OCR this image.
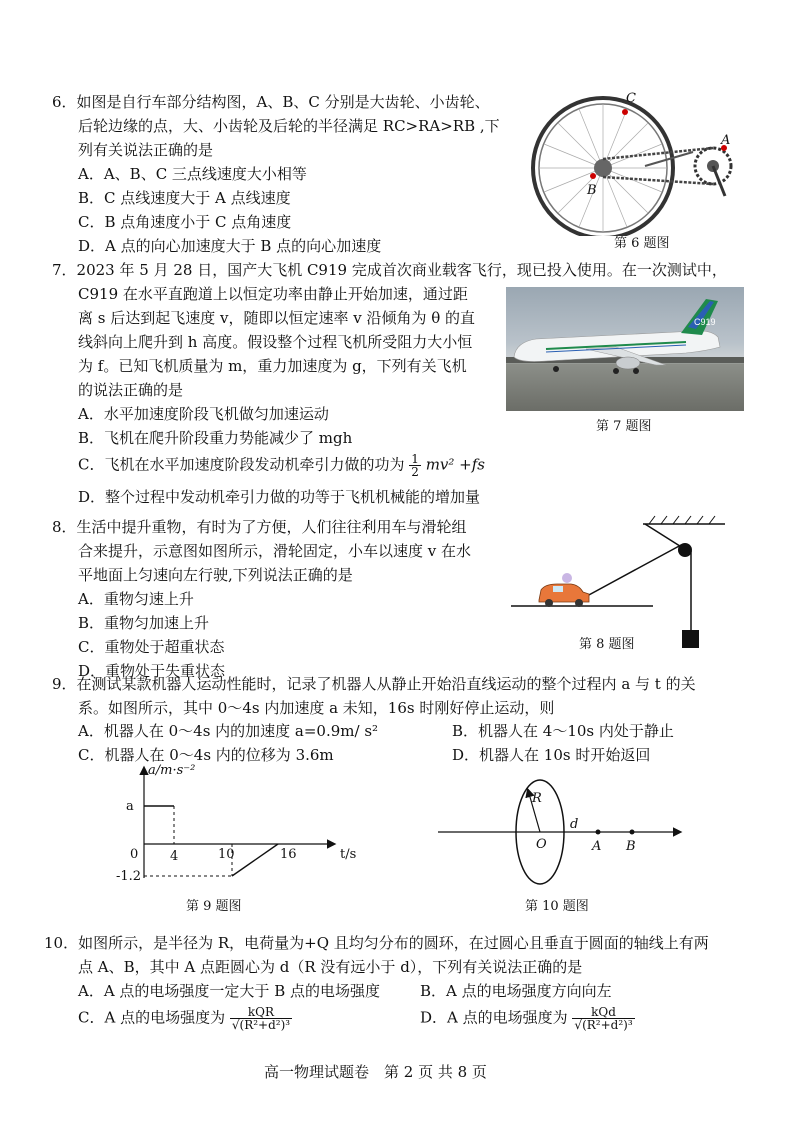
6．如图是自行车部分结构图，A、B、C 分别是大齿轮、小齿轮、
后轮边缘的点，大、小齿轮及后轮的半径满足 RC>RA>RB ,下
列有关说法正确的是
A．A、B、C 三点线速度大小相等
B．C 点线速度大于 A 点线速度
C．B 点角速度小于 C 点角速度
D．A 点的向心加速度大于 B 点的向心加速度
C
A
B
第 6 题图
7．2023 年 5 月 28 日，国产大飞机 C919 完成首次商业载客飞行，现已投入使用。在一次测试中，
C919 在水平直跑道上以恒定功率由静止开始加速，通过距
离 s 后达到起飞速度 v，随即以恒定速率 v 沿倾角为 θ 的直
线斜向上爬升到 h 高度。假设整个过程飞机所受阻力大小恒
为 f。已知飞机质量为 m，重力加速度为 g，下列有关飞机
的说法正确的是
A．水平加速度阶段飞机做匀加速运动
B．飞机在爬升阶段重力势能减少了 mgh
C．飞机在水平加速度阶段发动机牵引力做的功为 $\frac{1}{2} mv^2 +fs$
D．整个过程中发动机牵引力做的功等于飞机机械能的增加量
C919
第 7 题图
8．生活中提升重物，有时为了方便，人们往往利用车与滑轮组
合来提升，示意图如图所示，滑轮固定，小车以速度 v 在水
平地面上匀速向左行驶,下列说法正确的是
A．重物匀速上升
B．重物匀加速上升
C．重物处于超重状态
D．重物处于失重状态
第 8 题图
9．在测试某款机器人运动性能时，记录了机器人从静止开始沿直线运动的整个过程内 a 与 t 的关
系。如图所示，其中 0～4s 内加速度 a 未知，16s 时刚好停止运动，则
A．机器人在 0～4s 内的加速度 a=0.9m/ s²	B．机器人在 4～10s 内处于静止
C．机器人在 0～4s 内的位移为 3.6m	D．机器人在 10s 时开始返回
a/m·s⁻²
t/s
a
-1.2
0 4	10	16
第 9 题图
R
O
d
A B
第 10 题图
10．如图所示，是半径为 R，电荷量为+Q 且均匀分布的圆环，在过圆心且垂直于圆面的轴线上有两
点 A、B，其中 A 点距圆心为 d（R 没有远小于 d），下列有关说法正确的是
A．A 点的电场强度一定大于 B 点的电场强度	B．A 点的电场强度方向向左
C．A 点的电场强度为 $\frac{\text{kQR}}{\text{√(R²+d²)³}}$	D．A 点的电场强度为 $\frac{\text{kQd}}{\text{√(R²+d²)³}}$
高一物理试题卷　第 2 页 共 8 页
